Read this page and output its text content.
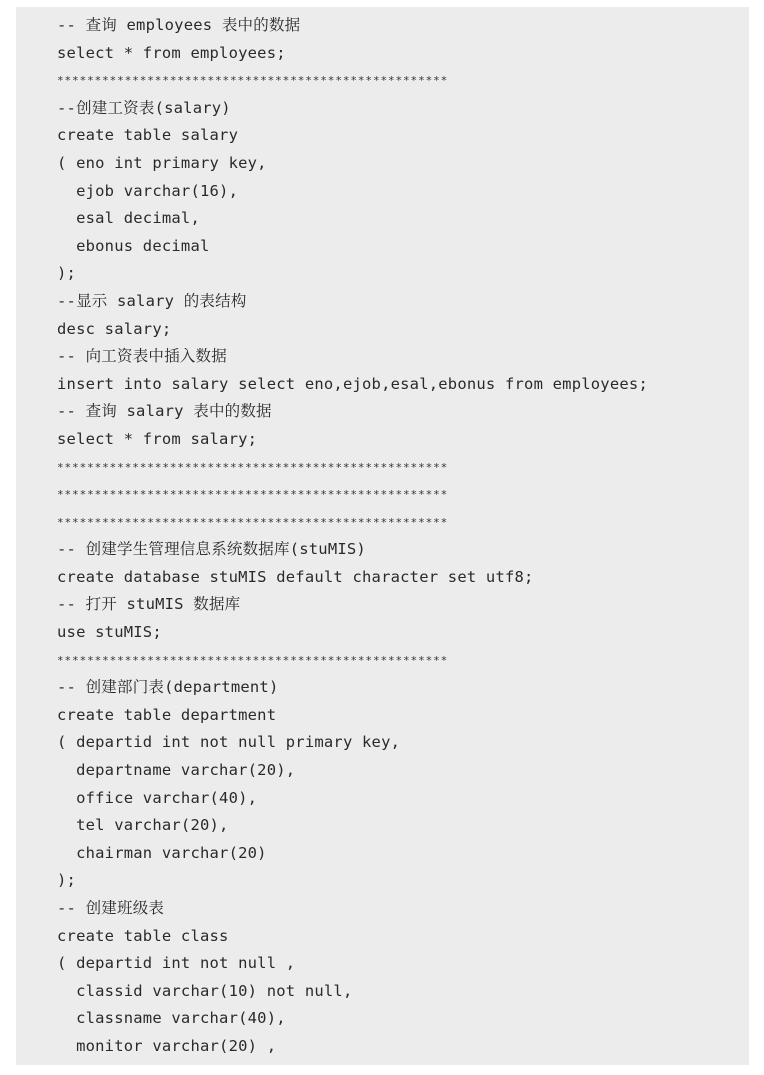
-- 查询 employees 表中的数据
select * from employees;
****************************************************
--创建工资表(salary)
create table salary
( eno int primary key,
ejob varchar(16),
esal decimal,
ebonus decimal
);
--显示 salary 的表结构
desc salary;
-- 向工资表中插入数据
insert into salary select eno,ejob,esal,ebonus from employees;
-- 查询 salary 表中的数据
select * from salary;
****************************************************
****************************************************
****************************************************
-- 创建学生管理信息系统数据库(stuMIS)
create database stuMIS default character set utf8;
-- 打开 stuMIS 数据库
use stuMIS;
****************************************************
-- 创建部门表(department)
create table department
( departid int not null primary key,
departname varchar(20),
office varchar(40),
tel varchar(20),
chairman varchar(20)
);
-- 创建班级表
create table class
( departid int not null ,
classid varchar(10) not null,
classname varchar(40),
monitor varchar(20) ,
